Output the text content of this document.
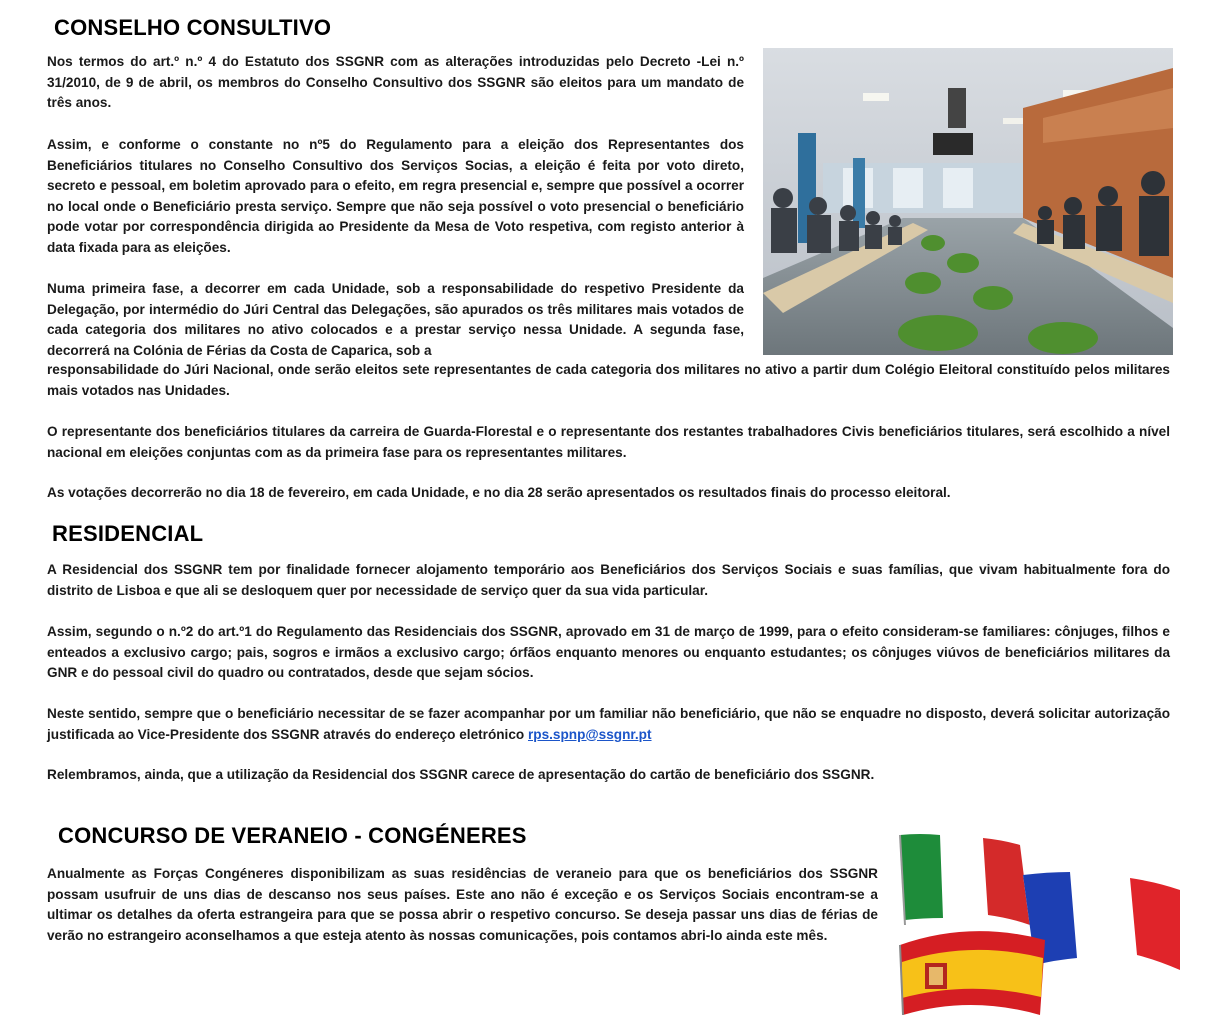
CONSELHO CONSULTIVO

Nos termos do art.º n.º 4 do Estatuto dos SSGNR com as alterações introduzidas pelo Decreto -Lei n.º 31/2010, de 9 de abril, os membros do Conselho Consultivo dos SSGNR são eleitos para um mandato de três anos.

Assim, e conforme o constante no nº5 do Regulamento para a eleição dos Representantes dos Beneficiários titulares no Conselho Consultivo dos Serviços Socias, a eleição é feita por voto direto, secreto e pessoal, em boletim aprovado para o efeito, em regra presencial e, sempre que possível a ocorrer no local onde o Beneficiário presta serviço. Sempre que não seja possível o voto presencial o beneficiário pode votar por correspondência dirigida ao Presidente da Mesa de Voto respetiva, com registo anterior à data fixada para as eleições.

Numa primeira fase, a decorrer em cada Unidade, sob a responsabilidade do respetivo Presidente da Delegação, por intermédio do Júri Central das Delegações, são apurados os três militares mais votados de cada categoria dos militares no ativo colocados e a prestar serviço nessa Unidade. A segunda fase, decorrerá na Colónia de Férias da Costa de Caparica, sob a

responsabilidade do Júri Nacional, onde serão eleitos sete representantes de cada categoria dos militares no ativo a partir dum Colégio Eleitoral constituído pelos militares mais votados nas Unidades.

O representante dos beneficiários titulares da carreira de Guarda-Florestal e o representante dos restantes trabalhadores Civis beneficiários titulares, será escolhido a nível nacional em eleições conjuntas com as da primeira fase para os representantes militares.

As votações decorrerão no dia 18 de fevereiro, em cada Unidade, e no dia 28 serão apresentados os resultados finais do processo eleitoral.

RESIDENCIAL

A Residencial dos SSGNR tem por finalidade fornecer alojamento temporário aos Beneficiários dos Serviços Sociais e suas famílias, que vivam habitualmente fora do distrito de Lisboa e que ali se desloquem quer por necessidade de serviço quer da sua vida particular.

Assim, segundo o n.º2 do art.º1 do Regulamento das Residenciais dos SSGNR, aprovado em 31 de março de 1999, para o efeito consideram-se familiares: cônjuges, filhos e enteados a exclusivo cargo; pais, sogros e irmãos a exclusivo cargo; órfãos enquanto menores ou enquanto estudantes; os cônjuges viúvos de beneficiários militares da GNR e do pessoal civil do quadro ou contratados, desde que sejam sócios.

Neste sentido, sempre que o beneficiário necessitar de se fazer acompanhar por um familiar não beneficiário, que não se enquadre no disposto, deverá solicitar autorização justificada ao Vice-Presidente dos SSGNR através do endereço eletrónico rps.spnp@ssgnr.pt

Relembramos, ainda, que a utilização da Residencial dos SSGNR carece de apresentação do cartão de beneficiário dos SSGNR.

CONCURSO DE VERANEIO - CONGÉNERES

Anualmente as Forças Congéneres disponibilizam as suas residências de veraneio para que os beneficiários dos SSGNR possam usufruir de uns dias de descanso nos seus países. Este ano não é exceção e os Serviços Sociais encontram-se a ultimar os detalhes da oferta estrangeira para que se possa abrir o respetivo concurso. Se deseja passar uns dias de férias de verão no estrangeiro aconselhamos a que esteja atento às nossas comunicações, pois contamos abri-lo ainda este mês.
